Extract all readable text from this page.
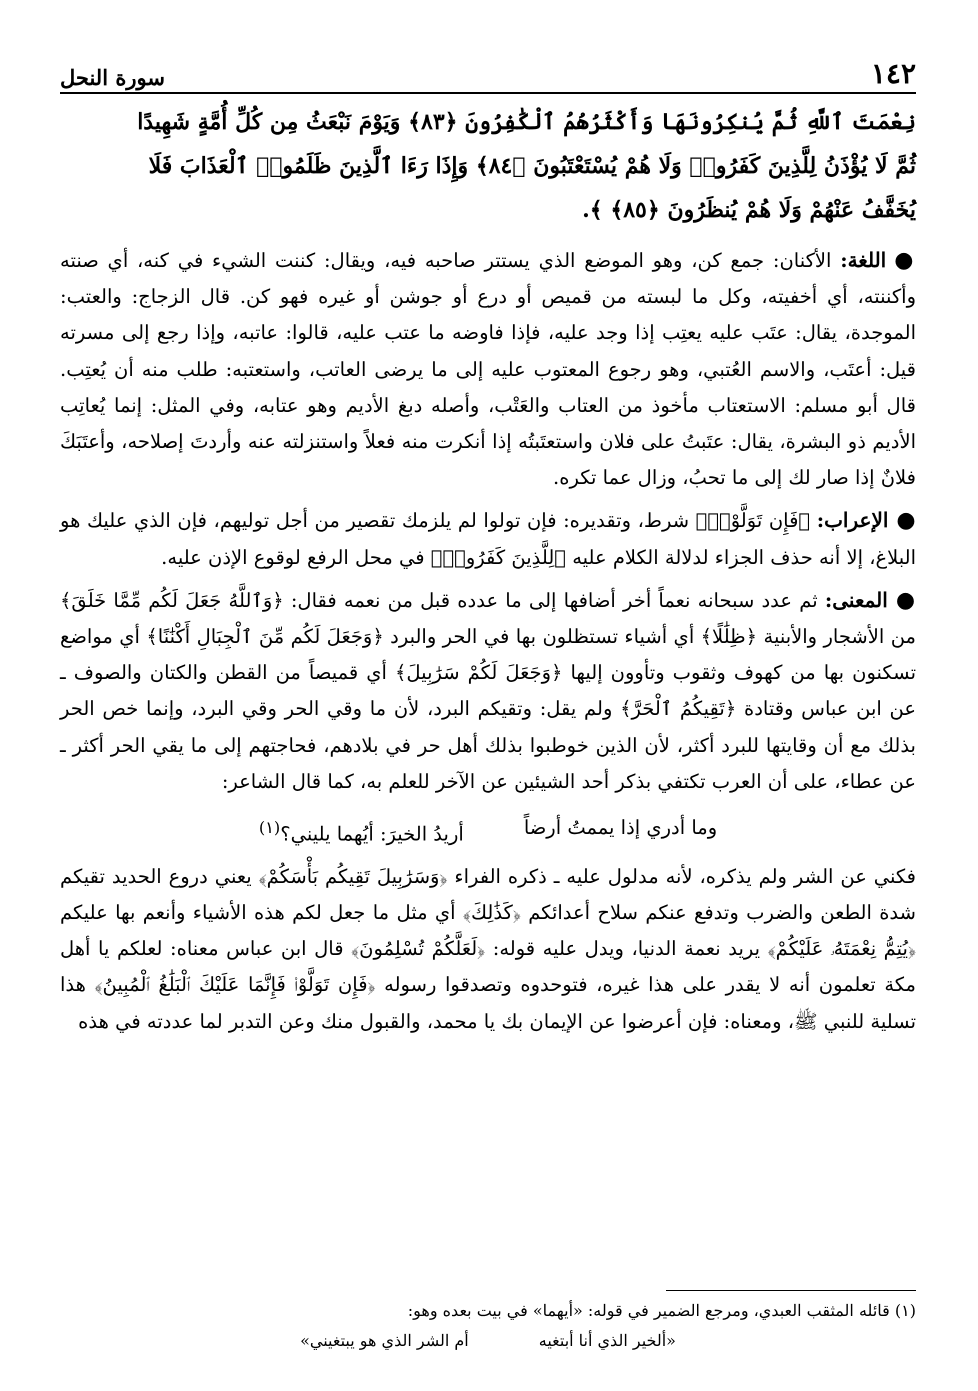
١٤٢
سورة النحل
نِعْمَتَ ٱللَّهِ ثُمَّ يُنكِرُونَهَا وَأَكْثَرُهُمُ ٱلْكَٰفِرُونَ ﴿٨٣﴾ وَيَوْمَ نَبْعَثُ مِن كُلِّ أُمَّةٍ شَهِيدًا
ثُمَّ لَا يُؤْذَنُ لِلَّذِينَ كَفَرُوا۟ وَلَا هُمْ يُسْتَعْتَبُونَ ﴿٨٤﴾ وَإِذَا رَءَا ٱلَّذِينَ ظَلَمُوا۟ ٱلْعَذَابَ فَلَا
يُخَفَّفُ عَنْهُمْ وَلَا هُمْ يُنظَرُونَ ﴿٨٥﴾ ﴾.

●اللغة: الأكنان: جمع كن، وهو الموضع الذي يستتر صاحبه فيه، ويقال: كننت الشيء في كنه، أي صنته وأكننته، أي أخفيته، وكل ما لبسته من قميص أو درع أو جوشن أو غيره فهو كن. قال الزجاج: والعتب: الموجدة، يقال: عتَب عليه يعتِب إذا وجد عليه، فإذا فاوضه ما عتب عليه، قالوا: عاتبه، وإذا رجع إلى مسرته قيل: أعتَب، والاسم العُتبي، وهو رجوع المعتوب عليه إلى ما يرضى العاتب، واستعتبه: طلب منه أن يُعتِب. قال أبو مسلم: الاستعتاب مأخوذ من العتاب والعَتْب، وأصله دبغ الأديم وهو عتابه، وفي المثل: إنما يُعاتِب الأديم ذو البشرة، يقال: عتَبتُ على فلان واستعتَبتُه إذا أنكرت منه فعلاً واستنزلته عنه وأردتَ إصلاحه، وأعتَبَكَ فلانٌ إذا صار لك إلى ما تحبُ، وزال عما تكره.

●الإعراب: ﴿فَإِن تَوَلَّوْا۟﴾ شرط، وتقديره: فإن تولوا لم يلزمك تقصير من أجل توليهم، فإن الذي عليك هو البلاغ، إلا أنه حذف الجزاء لدلالة الكلام عليه ﴿لِلَّذِينَ كَفَرُوا۟﴾ في محل الرفع لوقوع الإذن عليه.

●المعنى: ثم عدد سبحانه نعماً أخر أضافها إلى ما عدده قبل من نعمه فقال: ﴿وَٱللَّهُ جَعَلَ لَكُم مِّمَّا خَلَقَ﴾ من الأشجار والأبنية ﴿ظِلَٰلًا﴾ أي أشياء تستظلون بها في الحر والبرد ﴿وَجَعَلَ لَكُم مِّنَ ٱلْجِبَالِ أَكْنَٰنًا﴾ أي مواضع تسكنون بها من كهوف وثقوب وتأوون إليها ﴿وَجَعَلَ لَكُمْ سَرَٰبِيلَ﴾ أي قميصاً من القطن والكتان والصوف ـ عن ابن عباس وقتادة ﴿تَقِيكُمُ ٱلْحَرَّ﴾ ولم يقل: وتقيكم البرد، لأن ما وقي الحر وقي البرد، وإنما خص الحر بذلك مع أن وقايتها للبرد أكثر، لأن الذين خوطبوا بذلك أهل حر في بلادهم، فحاجتهم إلى ما يقي الحر أكثر ـ عن عطاء، على أن العرب تكتفي بذكر أحد الشيئين عن الآخر للعلم به، كما قال الشاعر:

وما أدري إذا يممتُ أرضاً
أريدُ الخيرَ: أيُهما يليني؟$^{(١)}$

فكني عن الشر ولم يذكره، لأنه مدلول عليه ـ ذكره الفراء ﴿وَسَرَٰبِيلَ تَقِيكُم بَأْسَكُمْ﴾ يعني دروع الحديد تقيكم شدة الطعن والضرب وتدفع عنكم سلاح أعدائكم ﴿كَذَٰلِكَ﴾ أي مثل ما جعل لكم هذه الأشياء وأنعم بها عليكم ﴿يُتِمُّ نِعْمَتَهُۥ عَلَيْكُمْ﴾ يريد نعمة الدنيا، ويدل عليه قوله: ﴿لَعَلَّكُمْ تُسْلِمُونَ﴾ قال ابن عباس معناه: لعلكم يا أهل مكة تعلمون أنه لا يقدر على هذا غيره، فتوحدوه وتصدقوا رسوله ﴿فَإِن تَوَلَّوْا۟ فَإِنَّمَا عَلَيْكَ ٱلْبَلَٰغُ ٱلْمُبِينُ﴾ هذا تسلية للنبي ﷺ، ومعناه: فإن أعرضوا عن الإيمان بك يا محمد، والقبول منك وعن التدبر لما عددته في هذه

(١) قائله المثقب العبدي، ومرجع الضمير في قوله: «أيهما» في بيت بعده وهو:
«ألخير الذي أنا أبتغيه
أم الشر الذي هو يبتغيني»
